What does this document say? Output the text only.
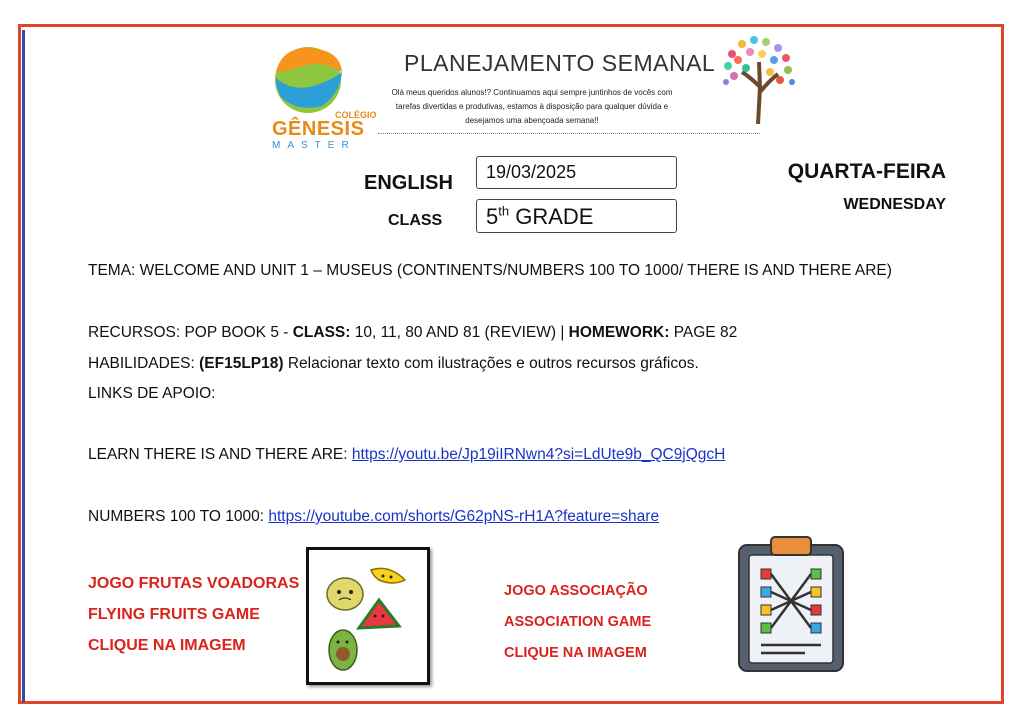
COLÉGIO
GÊNESIS
MASTER
PLANEJAMENTO SEMANAL
Olá meus queridos alunos!? Continuamos aqui sempre juntinhos de vocês com tarefas divertidas e produtivas, estamos à disposição para qualquer dúvida e desejamos uma abençoada semana!!
ENGLISH
CLASS
19/03/2025
5th GRADE
QUARTA-FEIRA
WEDNESDAY
TEMA: WELCOME AND UNIT 1 – MUSEUS (CONTINENTS/NUMBERS 100 TO 1000/ THERE IS AND THERE ARE)
RECURSOS: POP BOOK 5 - CLASS: 10, 11, 80 AND 81 (REVIEW) | HOMEWORK: PAGE 82
HABILIDADES: (EF15LP18) Relacionar texto com ilustrações e outros recursos gráficos.
LINKS DE APOIO:
LEARN THERE IS AND THERE ARE: https://youtu.be/Jp19iIRNwn4?si=LdUte9b_QC9jQgcH
NUMBERS 100 TO 1000: https://youtube.com/shorts/G62pNS-rH1A?feature=share
JOGO FRUTAS VOADORAS
FLYING FRUITS GAME
CLIQUE NA IMAGEM
JOGO ASSOCIAÇÃO
ASSOCIATION GAME
CLIQUE NA IMAGEM
